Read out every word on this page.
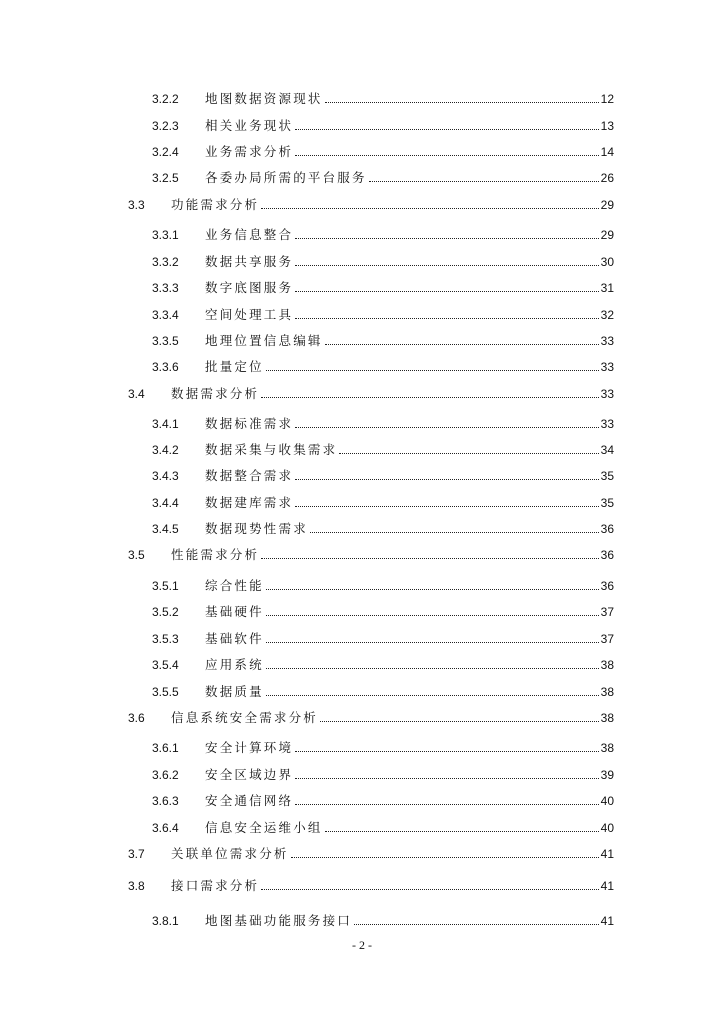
3.2.2	地图数据资源现状	12
3.2.3	相关业务现状	13
3.2.4	业务需求分析	14
3.2.5	各委办局所需的平台服务	26
3.3	功能需求分析	29
3.3.1	业务信息整合	29
3.3.2	数据共享服务	30
3.3.3	数字底图服务	31
3.3.4	空间处理工具	32
3.3.5	地理位置信息编辑	33
3.3.6	批量定位	33
3.4	数据需求分析	33
3.4.1	数据标准需求	33
3.4.2	数据采集与收集需求	34
3.4.3	数据整合需求	35
3.4.4	数据建库需求	35
3.4.5	数据现势性需求	36
3.5	性能需求分析	36
3.5.1	综合性能	36
3.5.2	基础硬件	37
3.5.3	基础软件	37
3.5.4	应用系统	38
3.5.5	数据质量	38
3.6	信息系统安全需求分析	38
3.6.1	安全计算环境	38
3.6.2	安全区域边界	39
3.6.3	安全通信网络	40
3.6.4	信息安全运维小组	40
3.7	关联单位需求分析	41
3.8	接口需求分析	41
3.8.1	地图基础功能服务接口	41
- 2 -
